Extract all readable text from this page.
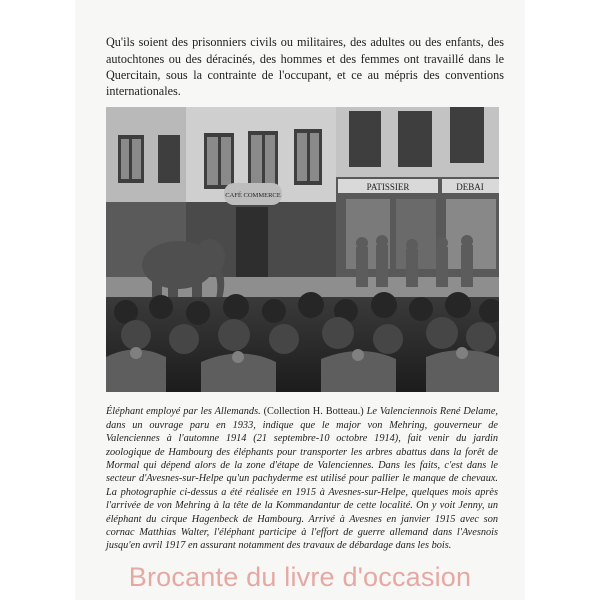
Qu'ils soient des prisonniers civils ou militaires, des adultes ou des enfants, des autochtones ou des déracinés, des hommes et des femmes ont travaillé dans le Quercitain, sous la contrainte de l'occupant, et ce au mépris des conventions internationales.

PATISSIER	DEBAI
CAFÉ COMMERCE

Éléphant employé par les Allemands. (Collection H. Botteau.) Le Valenciennois René Delame, dans un ouvrage paru en 1933, indique que le major von Mehring, gouverneur de Valenciennes à l'automne 1914 (21 septembre-10 octobre 1914), fait venir du jardin zoologique de Hambourg des éléphants pour transporter les arbres abattus dans la forêt de Mormal qui dépend alors de la zone d'étape de Valenciennes. Dans les faits, c'est dans le secteur d'Avesnes-sur-Helpe qu'un pachyderme est utilisé pour pallier le manque de chevaux. La photographie ci-dessus a été réalisée en 1915 à Avesnes-sur-Helpe, quelques mois après l'arrivée de von Mehring à la tête de la Kommandantur de cette localité. On y voit Jenny, un éléphant du cirque Hagenbeck de Hambourg. Arrivé à Avesnes en janvier 1915 avec son cornac Matthias Walter, l'éléphant participe à l'effort de guerre allemand dans l'Avesnois jusqu'en avril 1917 en assurant notamment des travaux de débardage dans les bois.

Brocante du livre d'occasion
